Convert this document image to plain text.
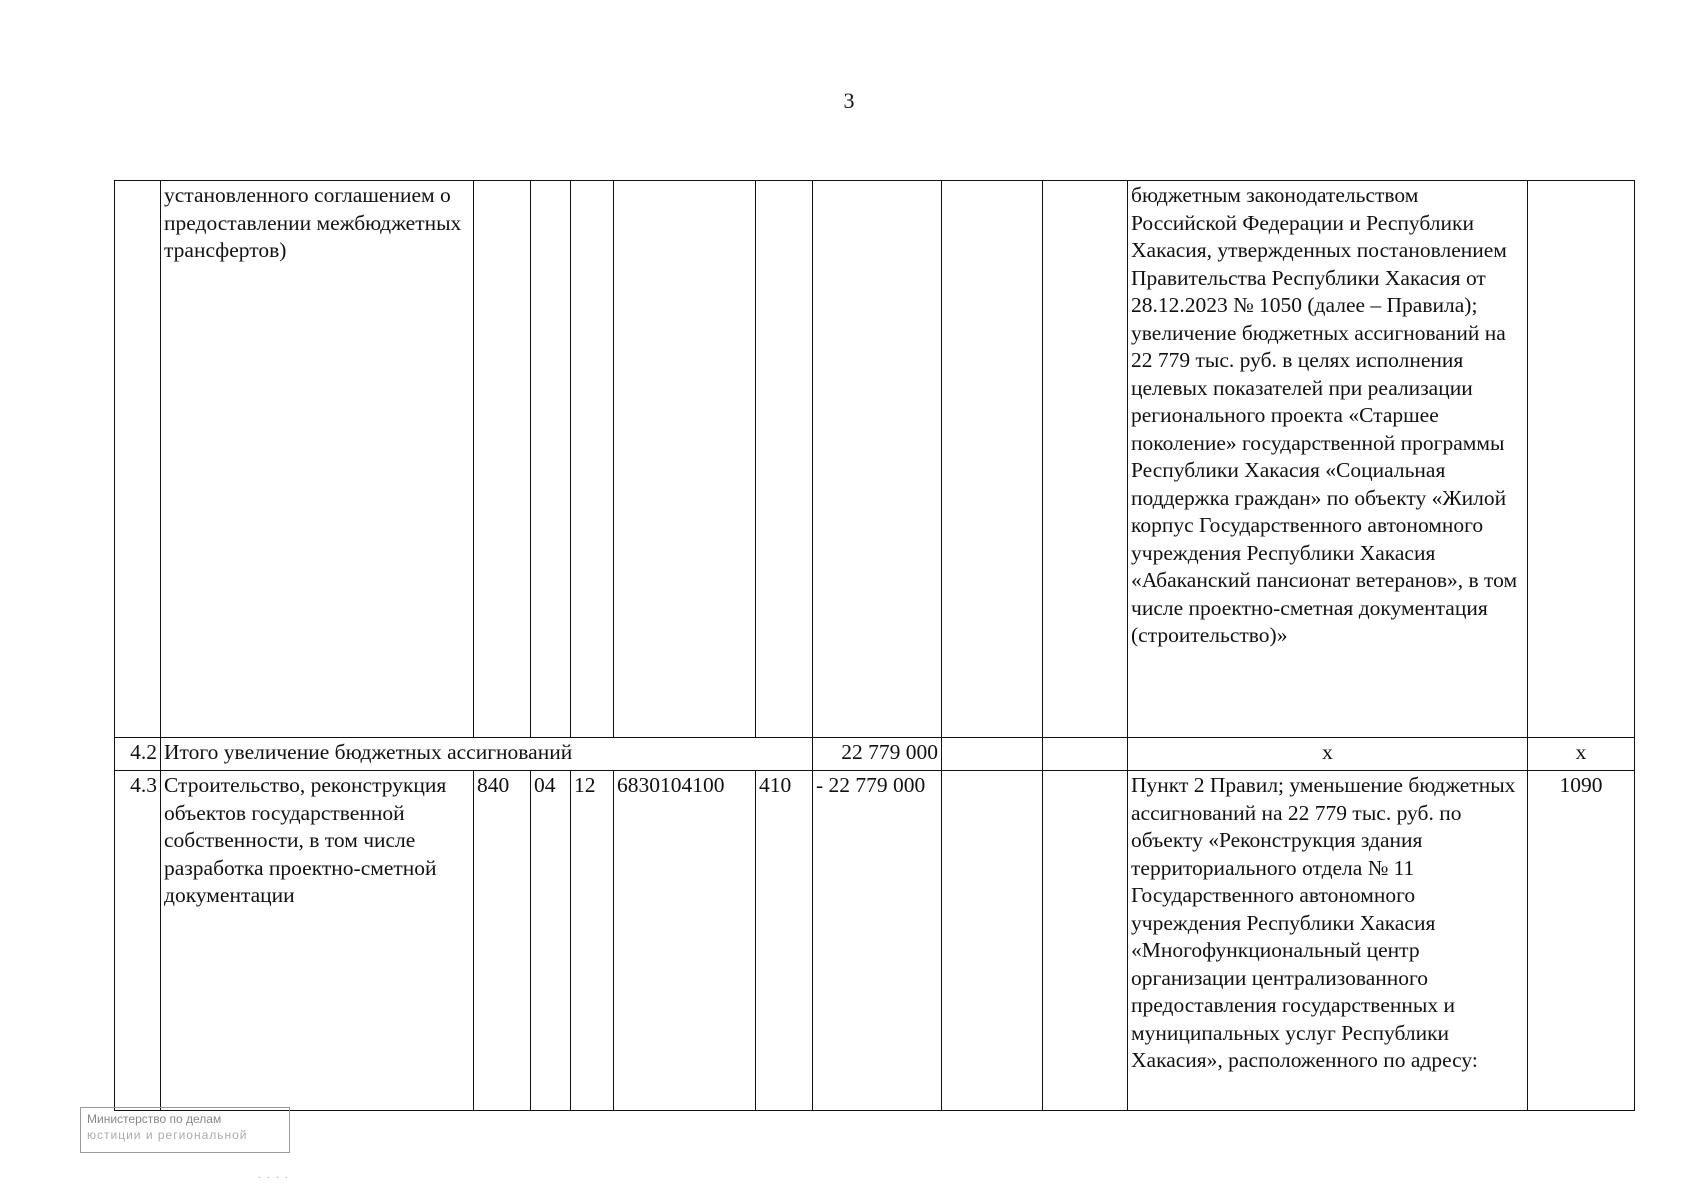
3
	установленного соглашением о предоставлении межбюджетных трансфертов)									бюджетным законодательством Российской Федерации и Республики Хакасия, утвержденных постановлением Правительства Республики Хакасия от 28.12.2023 № 1050 (далее – Правила); увеличение бюджетных ассигнований на 22 779 тыс. руб. в целях исполнения целевых показателей при реализации регионального проекта «Старшее поколение» государственной программы Республики Хакасия «Социальная поддержка граждан» по объекту «Жилой корпус Государственного автономного учреждения Республики Хакасия «Абаканский пансионат ветеранов», в том числе проектно-сметная документация (строительство)»	
4.2	Итого увеличение бюджетных ассигнований						22 779 000			х	х
4.3	Строительство, реконструкция объектов государственной собственности, в том числе разработка проектно-сметной документации	840	04	12	6830104100	410	- 22 779 000			Пункт 2 Правил; уменьшение бюджетных ассигнований на 22 779 тыс. руб. по объекту «Реконструкция здания территориального отдела № 11 Государственного автономного учреждения Республики Хакасия «Многофункциональный центр организации централизованного предоставления государственных и муниципальных услуг Республики Хакасия», расположенного по адресу:	1090
Министерство по делам
юстиции и региональной
. . . .
